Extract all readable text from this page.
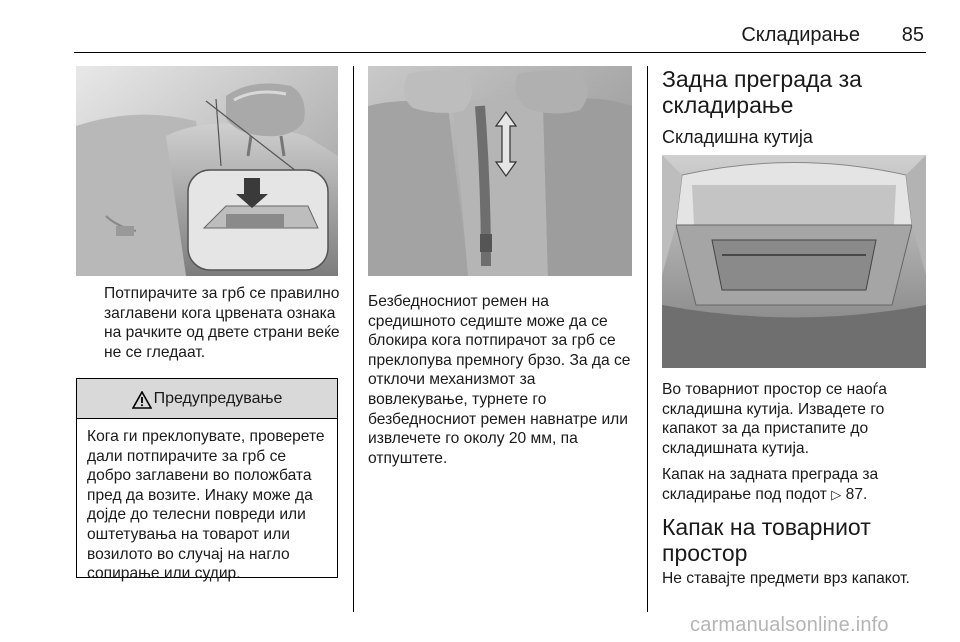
Складирање	85
Потпирачите за грб се правилно заглавени кога црвената ознака на рачките од двете страни веќе не се гледаат.
Предупредување
Кога ги преклопувате, проверете дали потпирачите за грб се добро заглавени во положбата пред да возите. Инаку може да дојде до телесни повреди или оштетувања на товарот или возилото во случај на нагло сопирање или судир.
Безбедносниот ремен на средишното седиште може да се блокира кога потпирачот за грб се преклопува премногу брзо. За да се отклочи механизмот за вовлекување, турнете го безбедносниот ремен навнатре или извлечете го околу 20 мм, па отпуштете.
Задна преграда за складирање
Складишна кутија
Во товарниот простор се наоѓа складишна кутија. Извадете го капакот за да пристапите до складишната кутија.
Капак на задната преграда за складирање под подот ▷ 87.
Капак на товарниот простор
Не ставајте предмети врз капакот.
carmanualsonline.info
